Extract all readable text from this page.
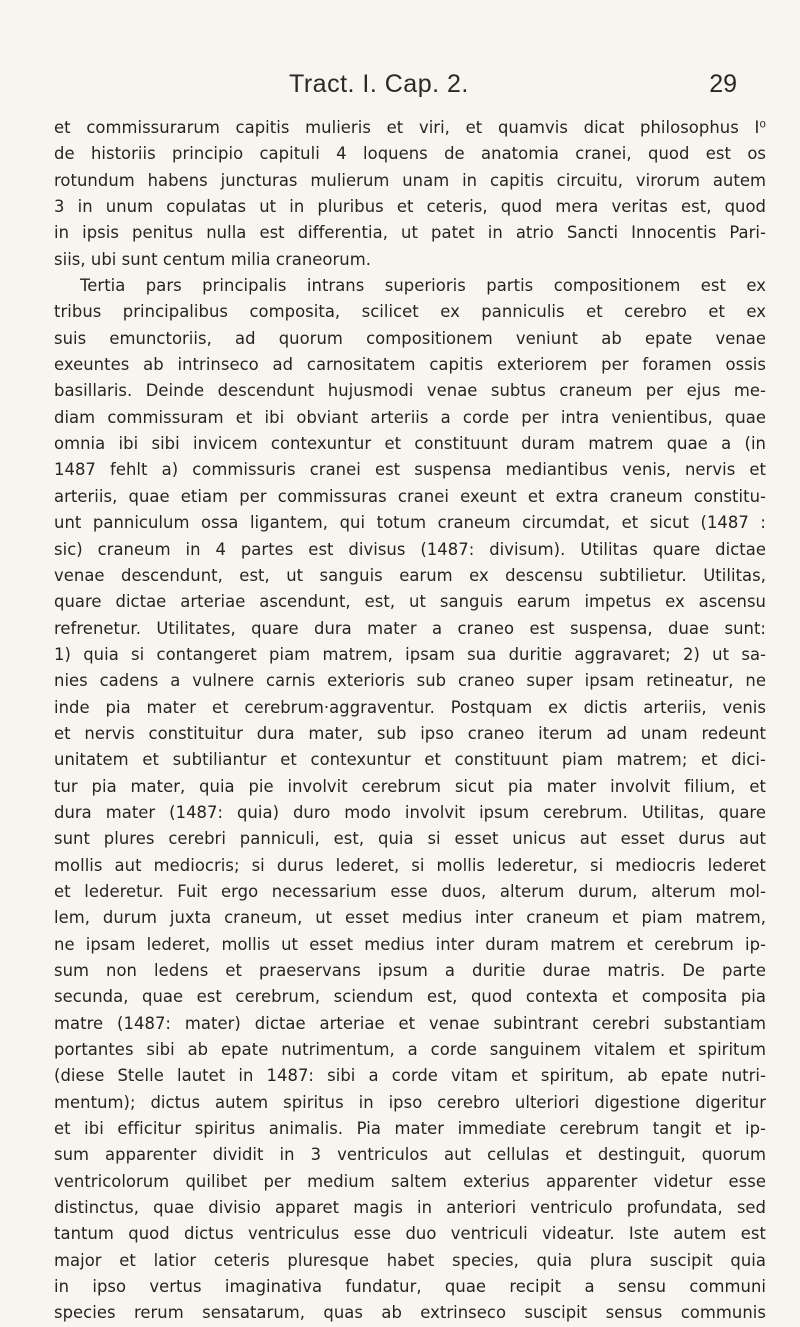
Tract. I. Cap. 2.	29
et commissurarum capitis mulieris et viri, et quamvis dicat philosophus I⁰
de historiis principio capituli 4 loquens de anatomia cranei, quod est os
rotundum habens juncturas mulierum unam in capitis circuitu, virorum autem
3 in unum copulatas ut in pluribus et ceteris, quod mera veritas est, quod
in ipsis penitus nulla est differentia, ut patet in atrio Sancti Innocentis Pari-
siis, ubi sunt centum milia craneorum.
Tertia pars principalis intrans superioris partis compositionem est ex
tribus principalibus composita, scilicet ex panniculis et cerebro et ex
suis emunctoriis, ad quorum compositionem veniunt ab epate venae
exeuntes ab intrinseco ad carnositatem capitis exteriorem per foramen ossis
basillaris. Deinde descendunt hujusmodi venae subtus craneum per ejus me-
diam commissuram et ibi obviant arteriis a corde per intra venientibus, quae
omnia ibi sibi invicem contexuntur et constituunt duram matrem quae a (in
1487 fehlt a) commissuris cranei est suspensa mediantibus venis, nervis et
arteriis, quae etiam per commissuras cranei exeunt et extra craneum constitu-
unt panniculum ossa ligantem, qui totum craneum circumdat, et sicut (1487 :
sic) craneum in 4 partes est divisus (1487: divisum). Utilitas quare dictae
venae descendunt, est, ut sanguis earum ex descensu subtilietur. Utilitas,
quare dictae arteriae ascendunt, est, ut sanguis earum impetus ex ascensu
refrenetur. Utilitates, quare dura mater a craneo est suspensa, duae sunt:
1) quia si contangeret piam matrem, ipsam sua duritie aggravaret; 2) ut sa-
nies cadens a vulnere carnis exterioris sub craneo super ipsam retineatur, ne
inde pia mater et cerebrum·aggraventur. Postquam ex dictis arteriis, venis
et nervis constituitur dura mater, sub ipso craneo iterum ad unam redeunt
unitatem et subtiliantur et contexuntur et constituunt piam matrem; et dici-
tur pia mater, quia pie involvit cerebrum sicut pia mater involvit filium, et
dura mater (1487: quia) duro modo involvit ipsum cerebrum. Utilitas, quare
sunt plures cerebri panniculi, est, quia si esset unicus aut esset durus aut
mollis aut mediocris; si durus lederet, si mollis lederetur, si mediocris lederet
et lederetur. Fuit ergo necessarium esse duos, alterum durum, alterum mol-
lem, durum juxta craneum, ut esset medius inter craneum et piam matrem,
ne ipsam lederet, mollis ut esset medius inter duram matrem et cerebrum ip-
sum non ledens et praeservans ipsum a duritie durae matris. De parte
secunda, quae est cerebrum, sciendum est, quod contexta et composita pia
matre (1487: mater) dictae arteriae et venae subintrant cerebri substantiam
portantes sibi ab epate nutrimentum, a corde sanguinem vitalem et spiritum
(diese Stelle lautet in 1487: sibi a corde vitam et spiritum, ab epate nutri-
mentum); dictus autem spiritus in ipso cerebro ulteriori digestione digeritur
et ibi efficitur spiritus animalis. Pia mater immediate cerebrum tangit et ip-
sum apparenter dividit in 3 ventriculos aut cellulas et destinguit, quorum
ventricolorum quilibet per medium saltem exterius apparenter videtur esse
distinctus, quae divisio apparet magis in anteriori ventriculo profundata, sed
tantum quod dictus ventriculus esse duo ventriculi videatur. Iste autem est
major et latior ceteris pluresque habet species, quia plura suscipit quia
in ipso vertus imaginativa fundatur, quae recipit a sensu communi
species rerum sensatarum, quas ab extrinseco suscipit sensus communis
